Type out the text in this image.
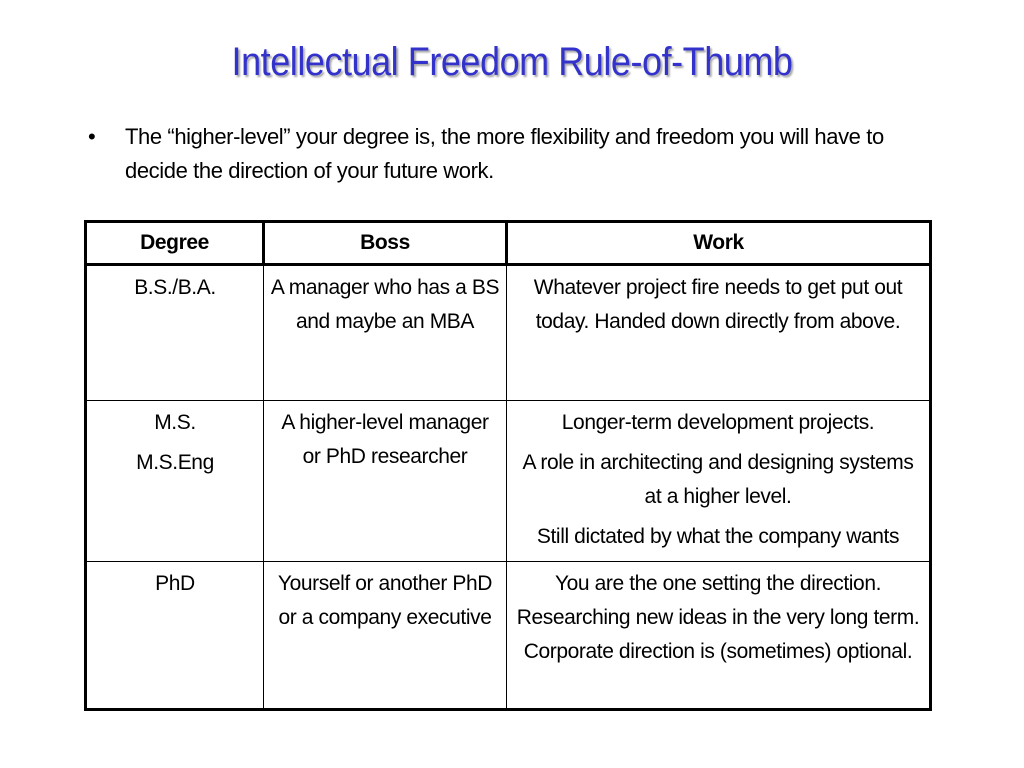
Intellectual Freedom Rule-of-Thumb
•	The “higher-level” your degree is, the more flexibility and freedom you will have to decide the direction of your future work.
Degree	Boss	Work

B.S./B.A.	A manager who has a BS and maybe an MBA	Whatever project fire needs to get put out today. Handed down directly from above.

M.S.
M.S.Eng	A higher-level manager or PhD researcher	Longer-term development projects.
A role in architecting and designing systems at a higher level.
Still dictated by what the company wants

PhD	Yourself or another PhD or a company executive	You are the one setting the direction. Researching new ideas in the very long term. Corporate direction is (sometimes) optional.
